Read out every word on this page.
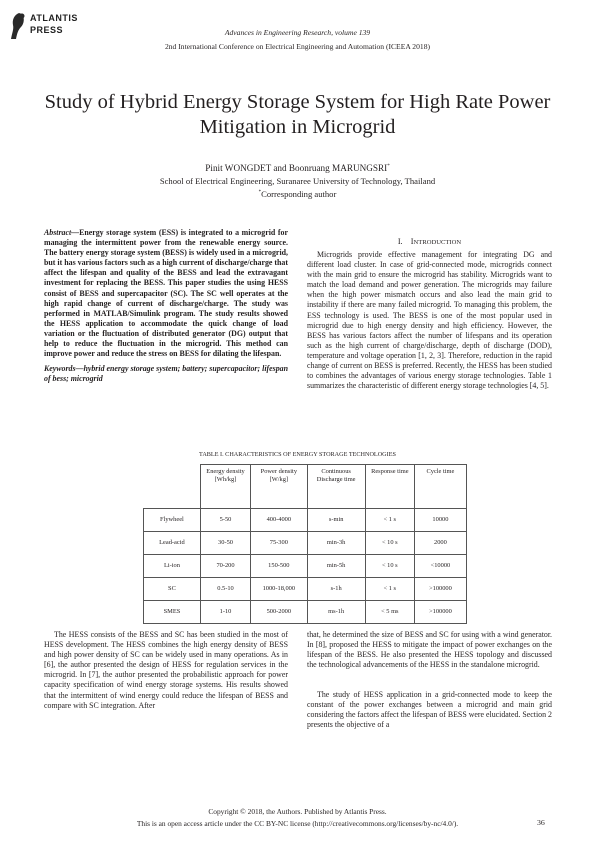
ATLANTIS
PRESS	Advances in Engineering Research, volume 139
2nd International Conference on Electrical Engineering and Automation (ICEEA 2018)
Study of Hybrid Energy Storage System for High Rate Power Mitigation in Microgrid
Pinit WONGDET and Boonruang MARUNGSRI*
School of Electrical Engineering, Suranaree University of Technology, Thailand
*Corresponding author
Abstract—Energy storage system (ESS) is integrated to a microgrid for managing the intermittent power from the renewable energy source. The battery energy storage system (BESS) is widely used in a microgrid, but it has various factors such as a high current of discharge/charge that affect the lifespan and quality of the BESS and lead the extravagant investment for replacing the BESS. This paper studies the using HESS consist of BESS and supercapacitor (SC). The SC well operates at the high rapid change of current of discharge/charge. The study was performed in MATLAB/Simulink program. The study results showed the HESS application to accommodate the quick change of load variation or the fluctuation of distributed generator (DG) output that help to reduce the fluctuation in the microgrid. This method can improve power and reduce the stress on BESS for dilating the lifespan.
Keywords—hybrid energy storage system; battery; supercapacitor; lifespan of bess; microgrid
I. INTRODUCTION
Microgrids provide effective management for integrating DG and different load cluster. In case of grid-connected mode, microgrids connect with the main grid to ensure the microgrid has stability. Microgrids want to match the load demand and power generation. The microgrids may failure when the high power mismatch occurs and also lead the main grid to instability if there are many failed microgrid. To managing this problem, the ESS technology is used. The BESS is one of the most popular used in microgrid due to high energy density and high efficiency. However, the BESS has various factors affect the number of lifespans and its operation such as the high current of charge/discharge, depth of discharge (DOD), temperature and voltage operation [1, 2, 3]. Therefore, reduction in the rapid change of current on BESS is preferred. Recently, the HESS has been studied to combines the advantages of various energy storage technologies. Table 1 summarizes the characteristic of different energy storage technologies [4, 5].
TABLE I. CHARACTERISTICS OF ENERGY STORAGE TECHNOLOGIES
	Energy density [Wh/kg]	Power density [W/kg]	Continuous Discharge time	Response time	Cycle time
Flywheel	5-50	400-4000	s-min	< 1 s	10000
Lead-acid	30-50	75-300	min-3h	< 10 s	2000
Li-ion	70-200	150-500	min-5h	< 10 s	<10000
SC	0.5-10	1000-18,000	s-1h	< 1 s	>100000
SMES	1-10	500-2000	ms-1h	< 5 ms	>100000
The HESS consists of the BESS and SC has been studied in the most of HESS development. The HESS combines the high energy density of BESS and high power density of SC can be widely used in many operations. As in [6], the author presented the design of HESS for regulation services in the microgrid. In [7], the author presented the probabilistic approach for power capacity specification of wind energy storage systems. His results showed that the intermittent of wind energy could reduce the lifespan of BESS and compare with SC integration. After
that, he determined the size of BESS and SC for using with a wind generator. In [8], proposed the HESS to mitigate the impact of power exchanges on the lifespan of the BESS. He also presented the HESS topology and discussed the technological advancements of the HESS in the standalone microgrid.
The study of HESS application in a grid-connected mode to keep the constant of the power exchanges between a microgrid and main grid considering the factors affect the lifespan of BESS were elucidated. Section 2 presents the objective of a
Copyright © 2018, the Authors. Published by Atlantis Press.
This is an open access article under the CC BY-NC license (http://creativecommons.org/licenses/by-nc/4.0/).	36
